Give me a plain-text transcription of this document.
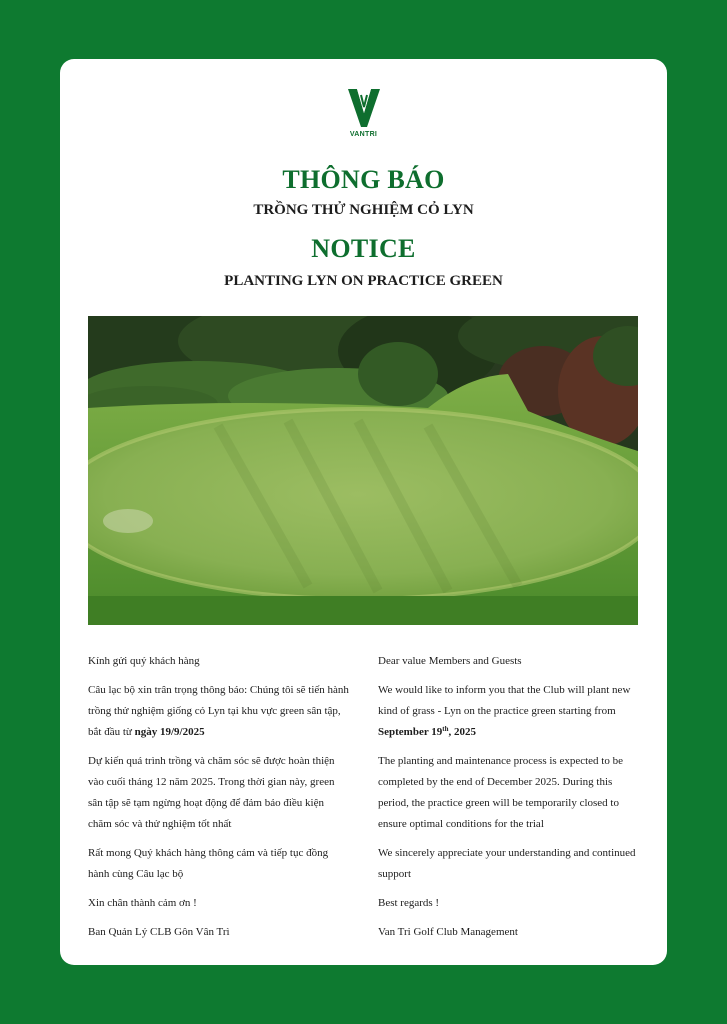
VANTRI
THÔNG BÁO
TRỒNG THỬ NGHIỆM CỎ LYN
NOTICE
PLANTING LYN ON PRACTICE GREEN

Kính gửi quý khách hàng

Câu lạc bộ xin trân trọng thông báo: Chúng tôi sẽ tiến hành trồng thử nghiệm giống cỏ Lyn tại khu vực green sân tập, bắt đầu từ ngày 19/9/2025

Dự kiến quá trình trồng và chăm sóc sẽ được hoàn thiện vào cuối tháng 12 năm 2025. Trong thời gian này, green sân tập sẽ tạm ngừng hoạt động để đảm bảo điều kiện chăm sóc và thử nghiệm tốt nhất

Rất mong Quý khách hàng thông cảm và tiếp tục đồng hành cùng Câu lạc bộ

Xin chân thành cảm ơn !

Ban Quản Lý CLB Gôn Vân Trì

Dear value Members and Guests

We would like to inform you that the Club will plant new kind of grass - Lyn on the practice green starting from
September 19th, 2025

The planting and maintenance process is expected to be completed by the end of December 2025. During this period, the practice green will be temporarily closed to ensure optimal conditions for the trial

We sincerely appreciate your understanding and continued support

Best regards !

Van Tri Golf Club Management
